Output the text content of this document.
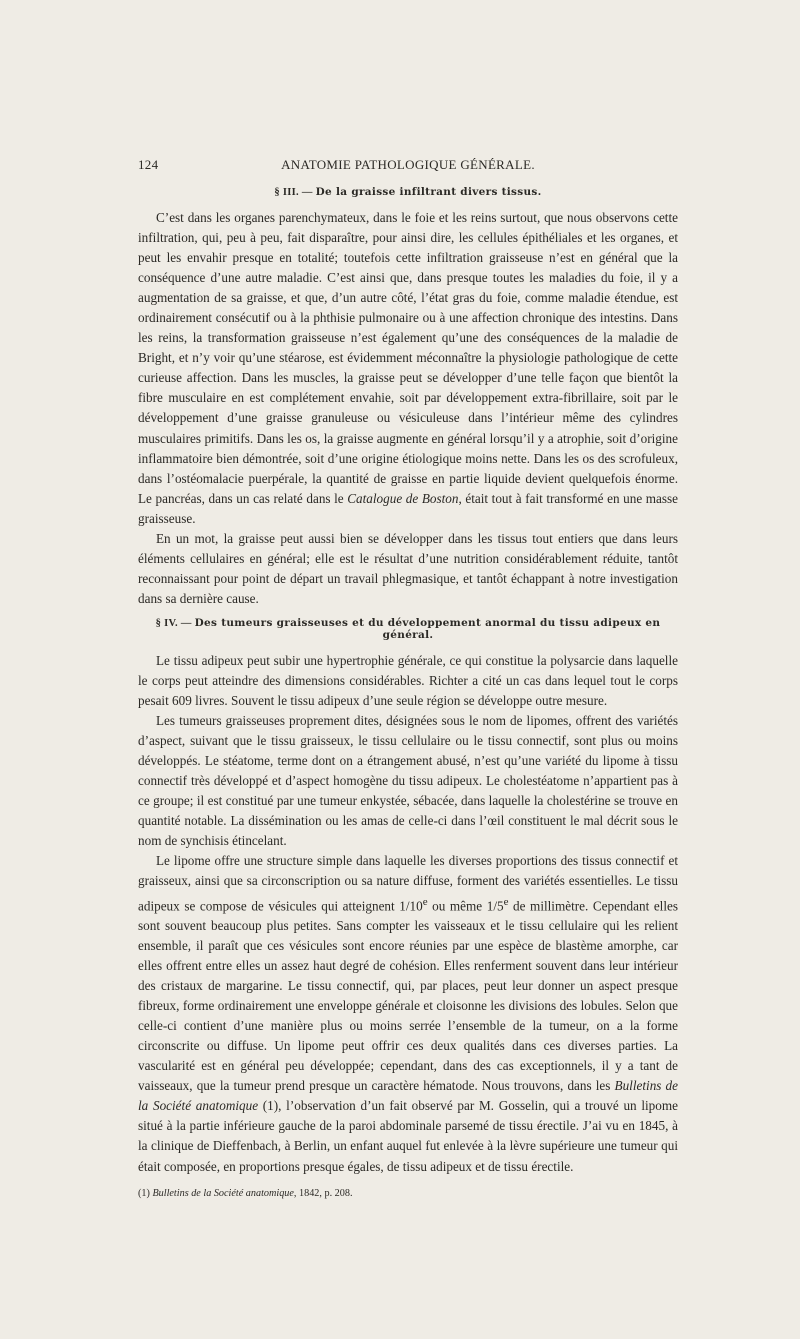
124	ANATOMIE PATHOLOGIQUE GÉNÉRALE.

§ III. — De la graisse infiltrant divers tissus.

C’est dans les organes parenchymateux, dans le foie et les reins surtout, que nous observons cette infiltration, qui, peu à peu, fait disparaître, pour ainsi dire, les cellules épithéliales et les organes, et peut les envahir presque en totalité; toutefois cette infiltration graisseuse n’est en général que la conséquence d’une autre maladie. C’est ainsi que, dans presque toutes les maladies du foie, il y a augmentation de sa graisse, et que, d’un autre côté, l’état gras du foie, comme maladie étendue, est ordinairement consécutif ou à la phthisie pulmonaire ou à une affection chronique des intestins. Dans les reins, la transformation graisseuse n’est également qu’une des conséquences de la maladie de Bright, et n’y voir qu’une stéarose, est évidemment méconnaître la physiologie pathologique de cette curieuse affection. Dans les muscles, la graisse peut se développer d’une telle façon que bientôt la fibre musculaire en est complétement envahie, soit par développement extra-fibrillaire, soit par le développement d’une graisse granuleuse ou vésiculeuse dans l’intérieur même des cylindres musculaires primitifs. Dans les os, la graisse augmente en général lorsqu’il y a atrophie, soit d’origine inflammatoire bien démontrée, soit d’une origine étiologique moins nette. Dans les os des scrofuleux, dans l’ostéomalacie puerpérale, la quantité de graisse en partie liquide devient quelquefois énorme. Le pancréas, dans un cas relaté dans le Catalogue de Boston, était tout à fait transformé en une masse graisseuse.

En un mot, la graisse peut aussi bien se développer dans les tissus tout entiers que dans leurs éléments cellulaires en général; elle est le résultat d’une nutrition considérablement réduite, tantôt reconnaissant pour point de départ un travail phlegmasique, et tantôt échappant à notre investigation dans sa dernière cause.

§ IV. — Des tumeurs graisseuses et du développement anormal du tissu adipeux en général.

Le tissu adipeux peut subir une hypertrophie générale, ce qui constitue la polysarcie dans laquelle le corps peut atteindre des dimensions considérables. Richter a cité un cas dans lequel tout le corps pesait 609 livres. Souvent le tissu adipeux d’une seule région se développe outre mesure.

Les tumeurs graisseuses proprement dites, désignées sous le nom de lipomes, offrent des variétés d’aspect, suivant que le tissu graisseux, le tissu cellulaire ou le tissu connectif, sont plus ou moins développés. Le stéatome, terme dont on a étrangement abusé, n’est qu’une variété du lipome à tissu connectif très développé et d’aspect homogène du tissu adipeux. Le cholestéatome n’appartient pas à ce groupe; il est constitué par une tumeur enkystée, sébacée, dans laquelle la cholestérine se trouve en quantité notable. La dissémination ou les amas de celle-ci dans l’œil constituent le mal décrit sous le nom de synchisis étincelant.

Le lipome offre une structure simple dans laquelle les diverses proportions des tissus connectif et graisseux, ainsi que sa circonscription ou sa nature diffuse, forment des variétés essentielles. Le tissu adipeux se compose de vésicules qui atteignent 1/10e ou même 1/5e de millimètre. Cependant elles sont souvent beaucoup plus petites. Sans compter les vaisseaux et le tissu cellulaire qui les relient ensemble, il paraît que ces vésicules sont encore réunies par une espèce de blastème amorphe, car elles offrent entre elles un assez haut degré de cohésion. Elles renferment souvent dans leur intérieur des cristaux de margarine. Le tissu connectif, qui, par places, peut leur donner un aspect presque fibreux, forme ordinairement une enveloppe générale et cloisonne les divisions des lobules. Selon que celle-ci contient d’une manière plus ou moins serrée l’ensemble de la tumeur, on a la forme circonscrite ou diffuse. Un lipome peut offrir ces deux qualités dans ces diverses parties. La vascularité est en général peu développée; cependant, dans des cas exceptionnels, il y a tant de vaisseaux, que la tumeur prend presque un caractère hématode. Nous trouvons, dans les Bulletins de la Société anatomique (1), l’observation d’un fait observé par M. Gosselin, qui a trouvé un lipome situé à la partie inférieure gauche de la paroi abdominale parsemé de tissu érectile. J’ai vu en 1845, à la clinique de Dieffenbach, à Berlin, un enfant auquel fut enlevée à la lèvre supérieure une tumeur qui était composée, en proportions presque égales, de tissu adipeux et de tissu érectile.

(1) Bulletins de la Société anatomique, 1842, p. 208.
